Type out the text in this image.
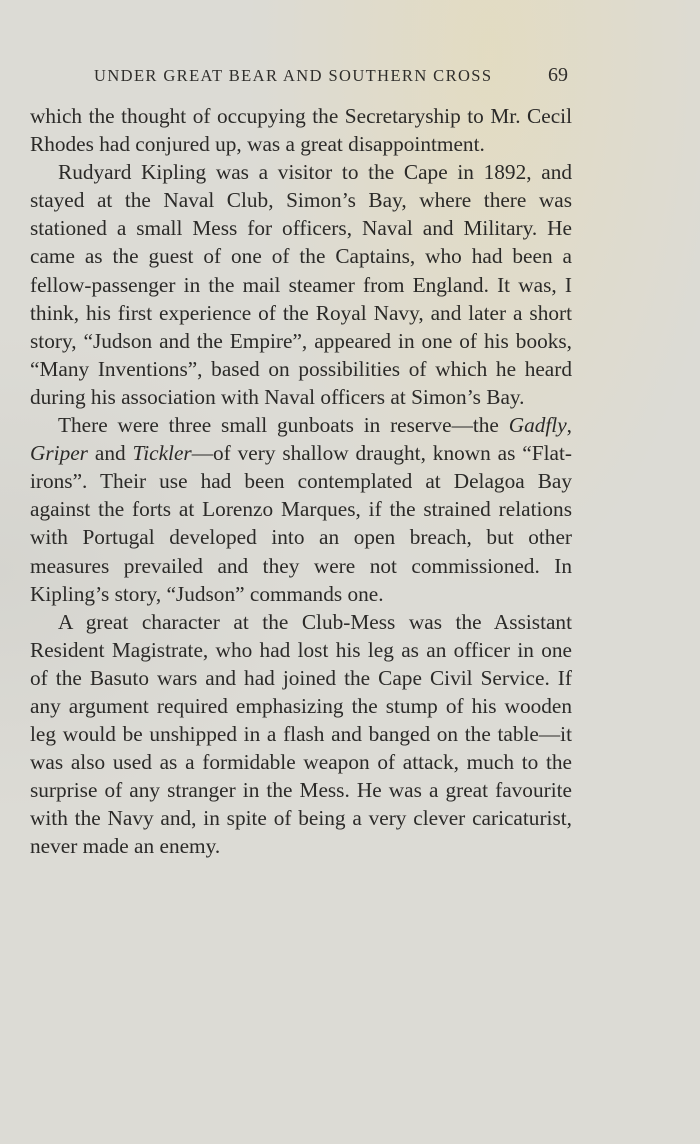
UNDER GREAT BEAR AND SOUTHERN CROSS	69

which the thought of occupying the Secretaryship to Mr. Cecil Rhodes had conjured up, was a great disappointment.

Rudyard Kipling was a visitor to the Cape in 1892, and stayed at the Naval Club, Simon’s Bay, where there was stationed a small Mess for officers, Naval and Military. He came as the guest of one of the Captains, who had been a fellow-passenger in the mail steamer from England. It was, I think, his first experience of the Royal Navy, and later a short story, “Judson and the Empire”, appeared in one of his books, “Many Inventions”, based on possibilities of which he heard during his association with Naval officers at Simon’s Bay.

There were three small gunboats in reserve—the Gadfly, Griper and Tickler—of very shallow draught, known as “Flat-irons”. Their use had been contemplated at Delagoa Bay against the forts at Lorenzo Marques, if the strained relations with Portugal developed into an open breach, but other measures prevailed and they were not commissioned. In Kipling’s story, “Judson” commands one.

A great character at the Club-Mess was the Assistant Resident Magistrate, who had lost his leg as an officer in one of the Basuto wars and had joined the Cape Civil Service. If any argument required emphasizing the stump of his wooden leg would be unshipped in a flash and banged on the table—it was also used as a formidable weapon of attack, much to the surprise of any stranger in the Mess. He was a great favourite with the Navy and, in spite of being a very clever caricaturist, never made an enemy.
